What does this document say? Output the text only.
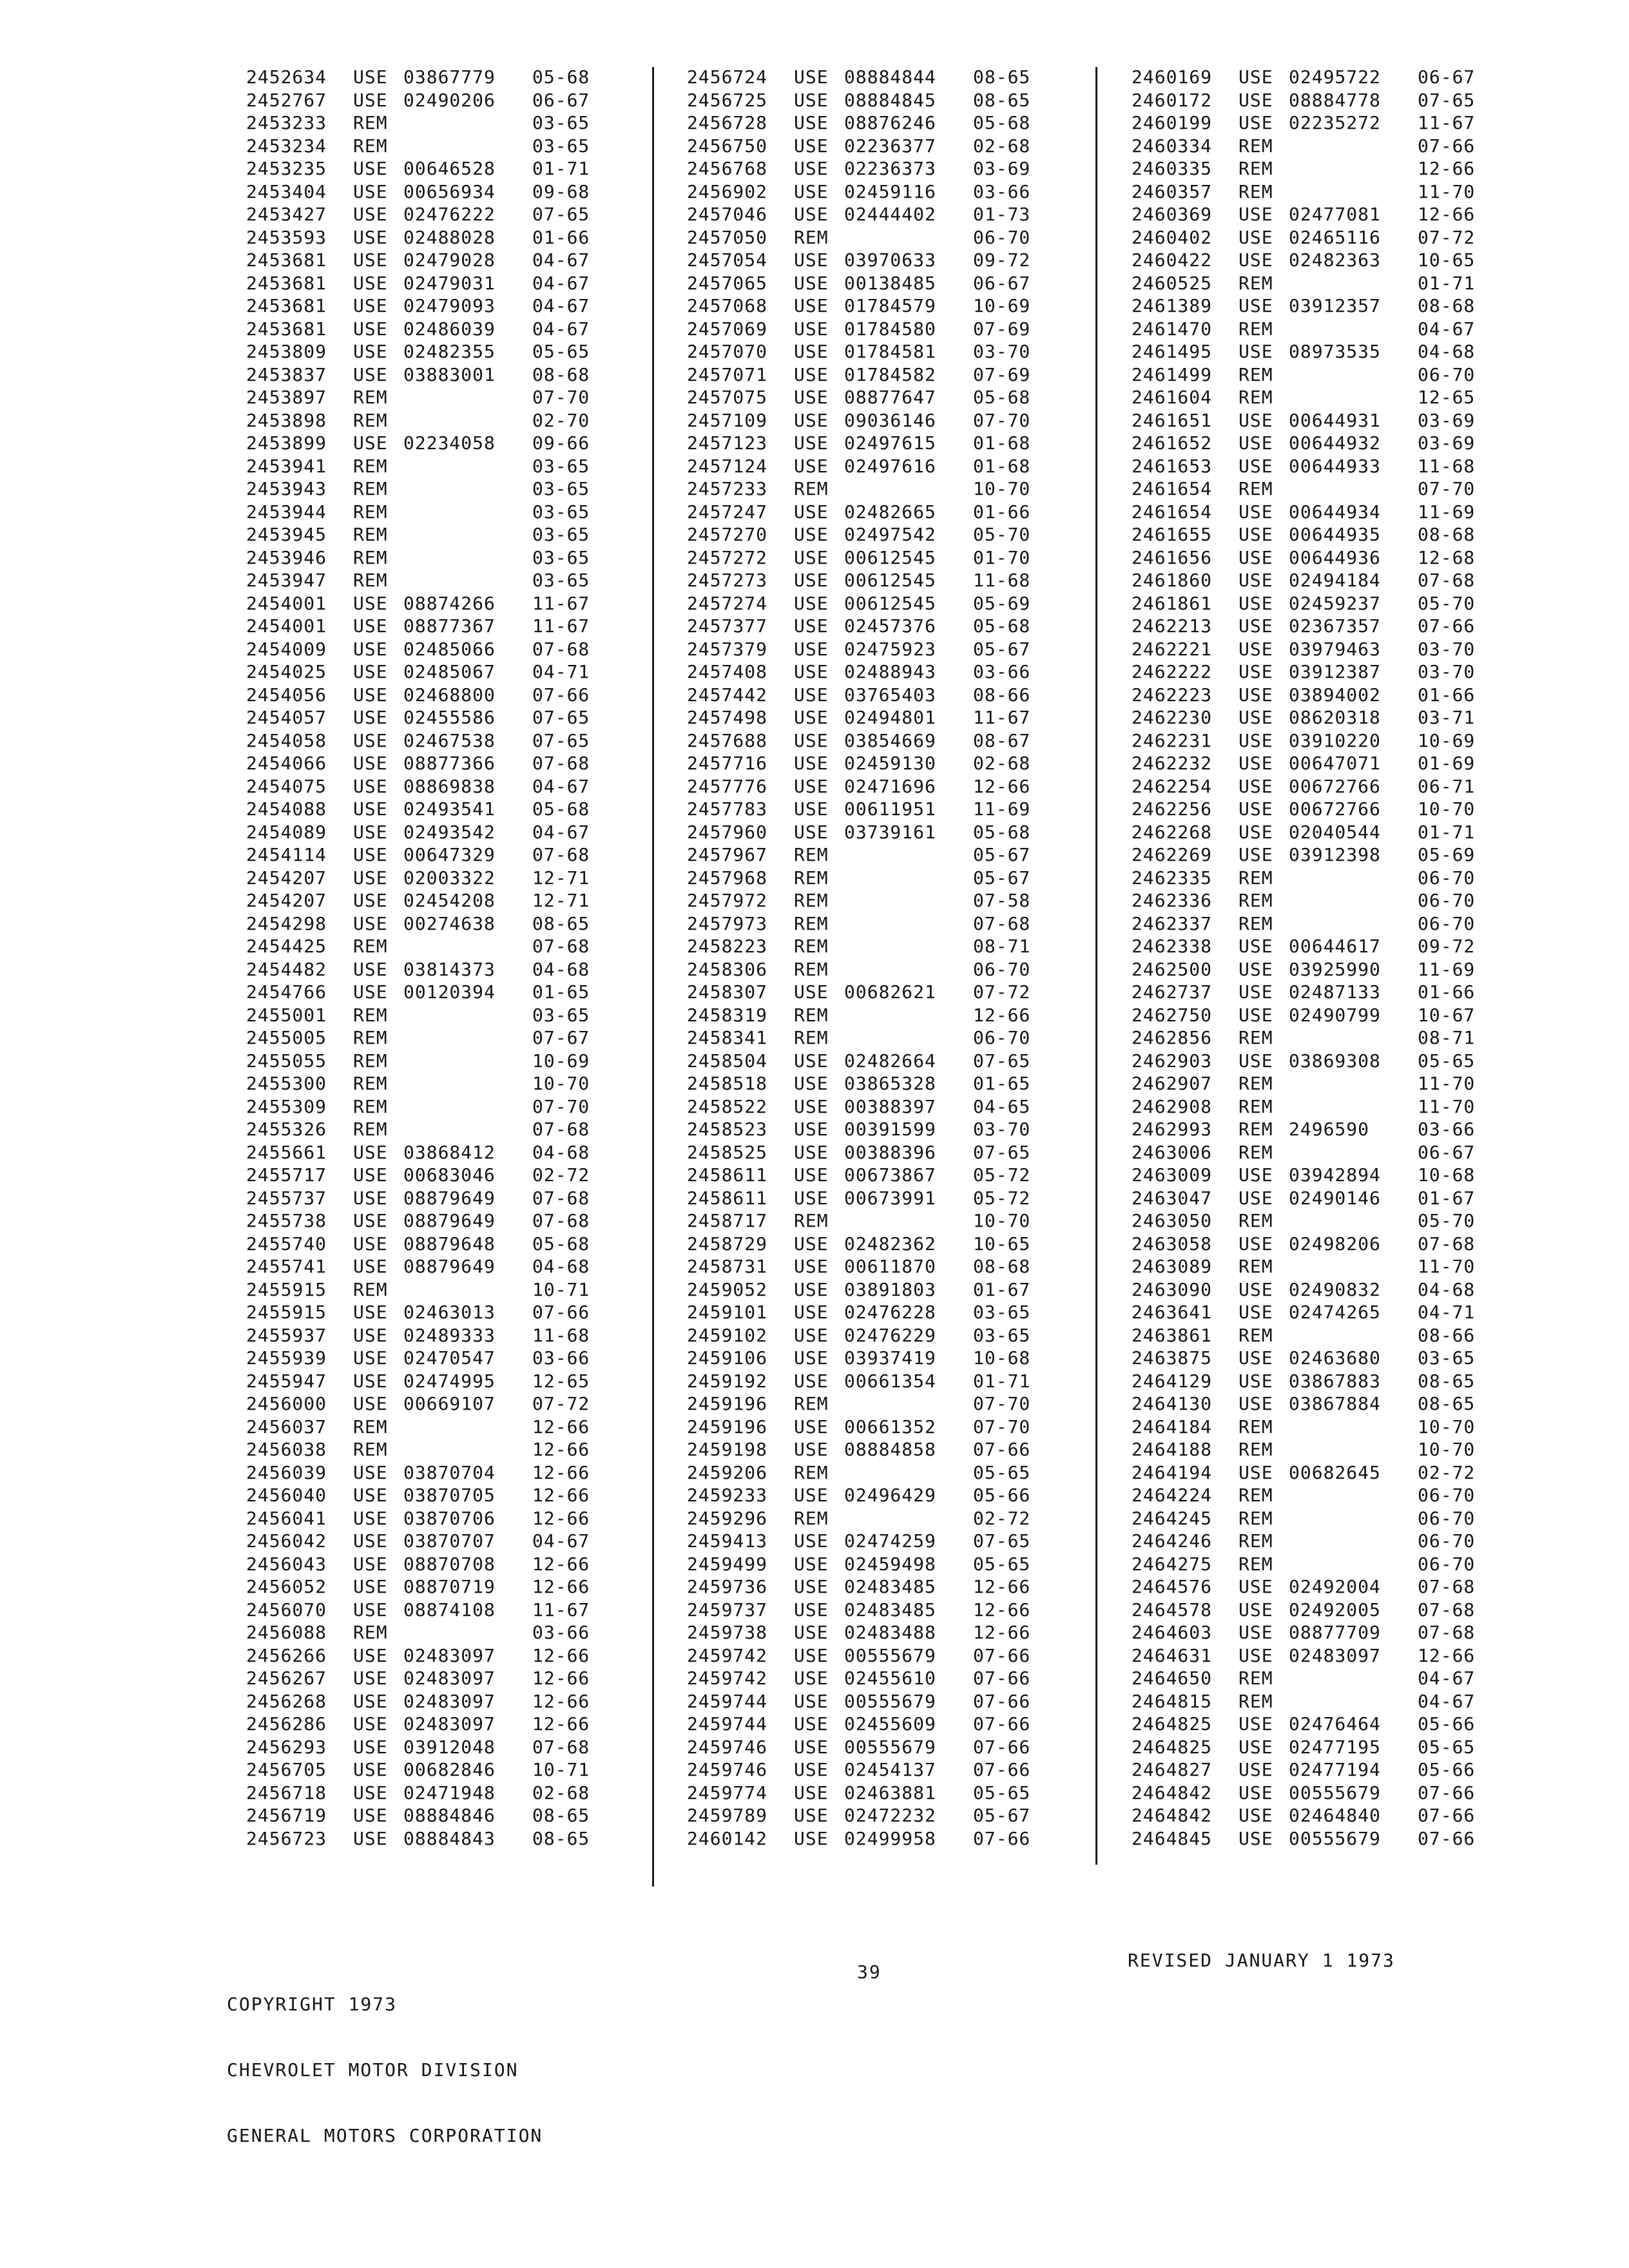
2452634	USE 03867779	05-68
2452767	USE 02490206	06-67
2453233	REM	03-65
2453234	REM	03-65
2453235	USE 00646528	01-71
2453404	USE 00656934	09-68
2453427	USE 02476222	07-65
2453593	USE 02488028	01-66
2453681	USE 02479028	04-67
2453681	USE 02479031	04-67
2453681	USE 02479093	04-67
2453681	USE 02486039	04-67
2453809	USE 02482355	05-65
2453837	USE 03883001	08-68
2453897	REM	07-70
2453898	REM	02-70
2453899	USE 02234058	09-66
2453941	REM	03-65
2453943	REM	03-65
2453944	REM	03-65
2453945	REM	03-65
2453946	REM	03-65
2453947	REM	03-65
2454001	USE 08874266	11-67
2454001	USE 08877367	11-67
2454009	USE 02485066	07-68
2454025	USE 02485067	04-71
2454056	USE 02468800	07-66
2454057	USE 02455586	07-65
2454058	USE 02467538	07-65
2454066	USE 08877366	07-68
2454075	USE 08869838	04-67
2454088	USE 02493541	05-68
2454089	USE 02493542	04-67
2454114	USE 00647329	07-68
2454207	USE 02003322	12-71
2454207	USE 02454208	12-71
2454298	USE 00274638	08-65
2454425	REM	07-68
2454482	USE 03814373	04-68
2454766	USE 00120394	01-65
2455001	REM	03-65
2455005	REM	07-67
2455055	REM	10-69
2455300	REM	10-70
2455309	REM	07-70
2455326	REM	07-68
2455661	USE 03868412	04-68
2455717	USE 00683046	02-72
2455737	USE 08879649	07-68
2455738	USE 08879649	07-68
2455740	USE 08879648	05-68
2455741	USE 08879649	04-68
2455915	REM	10-71
2455915	USE 02463013	07-66
2455937	USE 02489333	11-68
2455939	USE 02470547	03-66
2455947	USE 02474995	12-65
2456000	USE 00669107	07-72
2456037	REM	12-66
2456038	REM	12-66
2456039	USE 03870704	12-66
2456040	USE 03870705	12-66
2456041	USE 03870706	12-66
2456042	USE 03870707	04-67
2456043	USE 08870708	12-66
2456052	USE 08870719	12-66
2456070	USE 08874108	11-67
2456088	REM	03-66
2456266	USE 02483097	12-66
2456267	USE 02483097	12-66
2456268	USE 02483097	12-66
2456286	USE 02483097	12-66
2456293	USE 03912048	07-68
2456705	USE 00682846	10-71
2456718	USE 02471948	02-68
2456719	USE 08884846	08-65
2456723	USE 08884843	08-65
2456724	USE 08884844	08-65
2456725	USE 08884845	08-65
2456728	USE 08876246	05-68
2456750	USE 02236377	02-68
2456768	USE 02236373	03-69
2456902	USE 02459116	03-66
2457046	USE 02444402	01-73
2457050	REM	06-70
2457054	USE 03970633	09-72
2457065	USE 00138485	06-67
2457068	USE 01784579	10-69
2457069	USE 01784580	07-69
2457070	USE 01784581	03-70
2457071	USE 01784582	07-69
2457075	USE 08877647	05-68
2457109	USE 09036146	07-70
2457123	USE 02497615	01-68
2457124	USE 02497616	01-68
2457233	REM	10-70
2457247	USE 02482665	01-66
2457270	USE 02497542	05-70
2457272	USE 00612545	01-70
2457273	USE 00612545	11-68
2457274	USE 00612545	05-69
2457377	USE 02457376	05-68
2457379	USE 02475923	05-67
2457408	USE 02488943	03-66
2457442	USE 03765403	08-66
2457498	USE 02494801	11-67
2457688	USE 03854669	08-67
2457716	USE 02459130	02-68
2457776	USE 02471696	12-66
2457783	USE 00611951	11-69
2457960	USE 03739161	05-68
2457967	REM	05-67
2457968	REM	05-67
2457972	REM	07-58
2457973	REM	07-68
2458223	REM	08-71
2458306	REM	06-70
2458307	USE 00682621	07-72
2458319	REM	12-66
2458341	REM	06-70
2458504	USE 02482664	07-65
2458518	USE 03865328	01-65
2458522	USE 00388397	04-65
2458523	USE 00391599	03-70
2458525	USE 00388396	07-65
2458611	USE 00673867	05-72
2458611	USE 00673991	05-72
2458717	REM	10-70
2458729	USE 02482362	10-65
2458731	USE 00611870	08-68
2459052	USE 03891803	01-67
2459101	USE 02476228	03-65
2459102	USE 02476229	03-65
2459106	USE 03937419	10-68
2459192	USE 00661354	01-71
2459196	REM	07-70
2459196	USE 00661352	07-70
2459198	USE 08884858	07-66
2459206	REM	05-65
2459233	USE 02496429	05-66
2459296	REM	02-72
2459413	USE 02474259	07-65
2459499	USE 02459498	05-65
2459736	USE 02483485	12-66
2459737	USE 02483485	12-66
2459738	USE 02483488	12-66
2459742	USE 00555679	07-66
2459742	USE 02455610	07-66
2459744	USE 00555679	07-66
2459744	USE 02455609	07-66
2459746	USE 00555679	07-66
2459746	USE 02454137	07-66
2459774	USE 02463881	05-65
2459789	USE 02472232	05-67
2460142	USE 02499958	07-66
2460169	USE 02495722	06-67
2460172	USE 08884778	07-65
2460199	USE 02235272	11-67
2460334	REM	07-66
2460335	REM	12-66
2460357	REM	11-70
2460369	USE 02477081	12-66
2460402	USE 02465116	07-72
2460422	USE 02482363	10-65
2460525	REM	01-71
2461389	USE 03912357	08-68
2461470	REM	04-67
2461495	USE 08973535	04-68
2461499	REM	06-70
2461604	REM	12-65
2461651	USE 00644931	03-69
2461652	USE 00644932	03-69
2461653	USE 00644933	11-68
2461654	REM	07-70
2461654	USE 00644934	11-69
2461655	USE 00644935	08-68
2461656	USE 00644936	12-68
2461860	USE 02494184	07-68
2461861	USE 02459237	05-70
2462213	USE 02367357	07-66
2462221	USE 03979463	03-70
2462222	USE 03912387	03-70
2462223	USE 03894002	01-66
2462230	USE 08620318	03-71
2462231	USE 03910220	10-69
2462232	USE 00647071	01-69
2462254	USE 00672766	06-71
2462256	USE 00672766	10-70
2462268	USE 02040544	01-71
2462269	USE 03912398	05-69
2462335	REM	06-70
2462336	REM	06-70
2462337	REM	06-70
2462338	USE 00644617	09-72
2462500	USE 03925990	11-69
2462737	USE 02487133	01-66
2462750	USE 02490799	10-67
2462856	REM	08-71
2462903	USE 03869308	05-65
2462907	REM	11-70
2462908	REM	11-70
2462993	REM 2496590	03-66
2463006	REM	06-67
2463009	USE 03942894	10-68
2463047	USE 02490146	01-67
2463050	REM	05-70
2463058	USE 02498206	07-68
2463089	REM	11-70
2463090	USE 02490832	04-68
2463641	USE 02474265	04-71
2463861	REM	08-66
2463875	USE 02463680	03-65
2464129	USE 03867883	08-65
2464130	USE 03867884	08-65
2464184	REM	10-70
2464188	REM	10-70
2464194	USE 00682645	02-72
2464224	REM	06-70
2464245	REM	06-70
2464246	REM	06-70
2464275	REM	06-70
2464576	USE 02492004	07-68
2464578	USE 02492005	07-68
2464603	USE 08877709	07-68
2464631	USE 02483097	12-66
2464650	REM	04-67
2464815	REM	04-67
2464825	USE 02476464	05-66
2464825	USE 02477195	05-65
2464827	USE 02477194	05-66
2464842	USE 00555679	07-66
2464842	USE 02464840	07-66
2464845	USE 00555679	07-66

COPYRIGHT 1973

CHEVROLET MOTOR DIVISION

GENERAL MOTORS CORPORATION

39
REVISED JANUARY 1 1973
